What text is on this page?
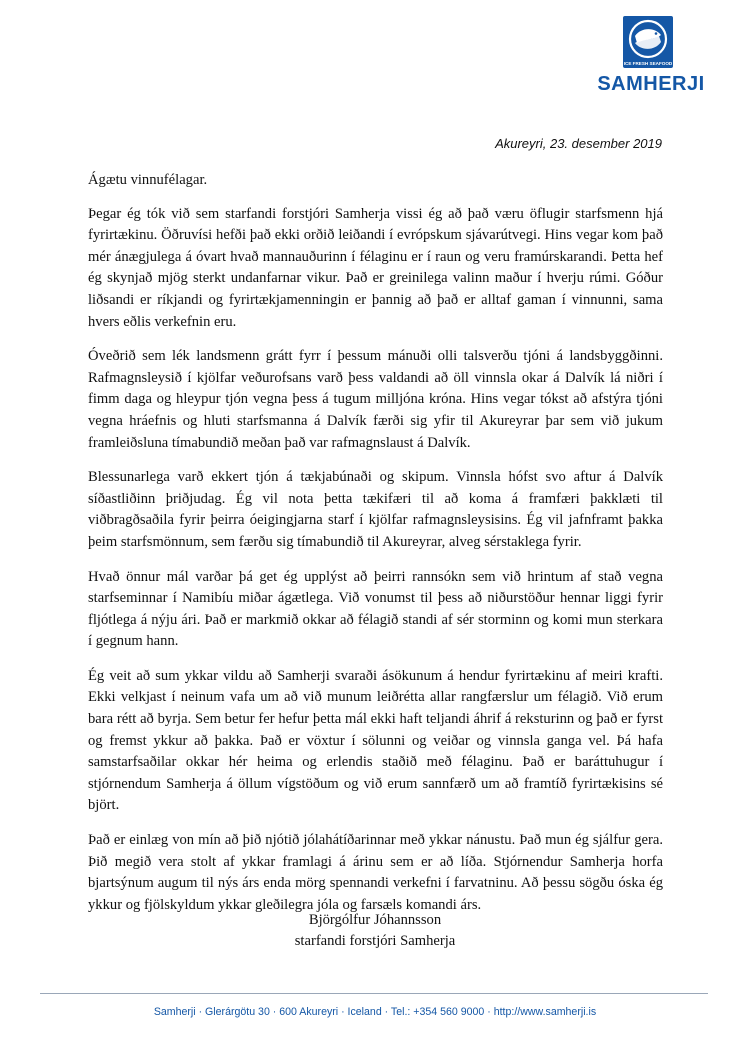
ICE FRESH SEAFOOD
SAMHERJI
Akureyri, 23. desember 2019

Ágætu vinnufélagar.

Þegar ég tók við sem starfandi forstjóri Samherja vissi ég að það væru öflugir starfsmenn hjá fyrirtækinu. Öðruvísi hefði það ekki orðið leiðandi í evrópskum sjávarútvegi. Hins vegar kom það mér ánægjulega á óvart hvað mannauðurinn í félaginu er í raun og veru framúrskarandi. Þetta hef ég skynjað mjög sterkt undanfarnar vikur. Það er greinilega valinn maður í hverju rúmi. Góður liðsandi er ríkjandi og fyrirtækjamenningin er þannig að það er alltaf gaman í vinnunni, sama hvers eðlis verkefnin eru.

Óveðrið sem lék landsmenn grátt fyrr í þessum mánuði olli talsverðu tjóni á landsbyggðinni. Rafmagnsleysið í kjölfar veðurofsans varð þess valdandi að öll vinnsla okar á Dalvík lá niðri í fimm daga og hleypur tjón vegna þess á tugum milljóna króna. Hins vegar tókst að afstýra tjóni vegna hráefnis og hluti starfsmanna á Dalvík færði sig yfir til Akureyrar þar sem við jukum framleiðsluna tímabundið meðan það var rafmagnslaust á Dalvík.

Blessunarlega varð ekkert tjón á tækjabúnaði og skipum. Vinnsla hófst svo aftur á Dalvík síðastliðinn þriðjudag. Ég vil nota þetta tækifæri til að koma á framfæri þakklæti til viðbragðsaðila fyrir þeirra óeigingjarna starf í kjölfar rafmagnsleysisins. Ég vil jafnframt þakka þeim starfsmönnum, sem færðu sig tímabundið til Akureyrar, alveg sérstaklega fyrir.

Hvað önnur mál varðar þá get ég upplýst að þeirri rannsókn sem við hrintum af stað vegna starfseminnar í Namibíu miðar ágætlega. Við vonumst til þess að niðurstöður hennar liggi fyrir fljótlega á nýju ári. Það er markmið okkar að félagið standi af sér storminn og komi mun sterkara í gegnum hann.

Ég veit að sum ykkar vildu að Samherji svaraði ásökunum á hendur fyrirtækinu af meiri krafti. Ekki velkjast í neinum vafa um að við munum leiðrétta allar rangfærslur um félagið. Við erum bara rétt að byrja. Sem betur fer hefur þetta mál ekki haft teljandi áhrif á reksturinn og það er fyrst og fremst ykkur að þakka. Það er vöxtur í sölunni og veiðar og vinnsla ganga vel. Þá hafa samstarfsaðilar okkar hér heima og erlendis staðið með félaginu. Það er baráttuhugur í stjórnendum Samherja á öllum vígstöðum og við erum sannfærð um að framtíð fyrirtækisins sé björt.

Það er einlæg von mín að þið njótið jólahátíðarinnar með ykkar nánustu. Það mun ég sjálfur gera. Þið megið vera stolt af ykkar framlagi á árinu sem er að líða. Stjórnendur Samherja horfa bjartsýnum augum til nýs árs enda mörg spennandi verkefni í farvatninu. Að þessu sögðu óska ég ykkur og fjölskyldum ykkar gleðilegra jóla og farsæls komandi árs.

Björgólfur Jóhannsson
starfandi forstjóri Samherja
Samherji · Glerárgötu 30 · 600 Akureyri · Iceland · Tel.: +354 560 9000 · http://www.samherji.is
